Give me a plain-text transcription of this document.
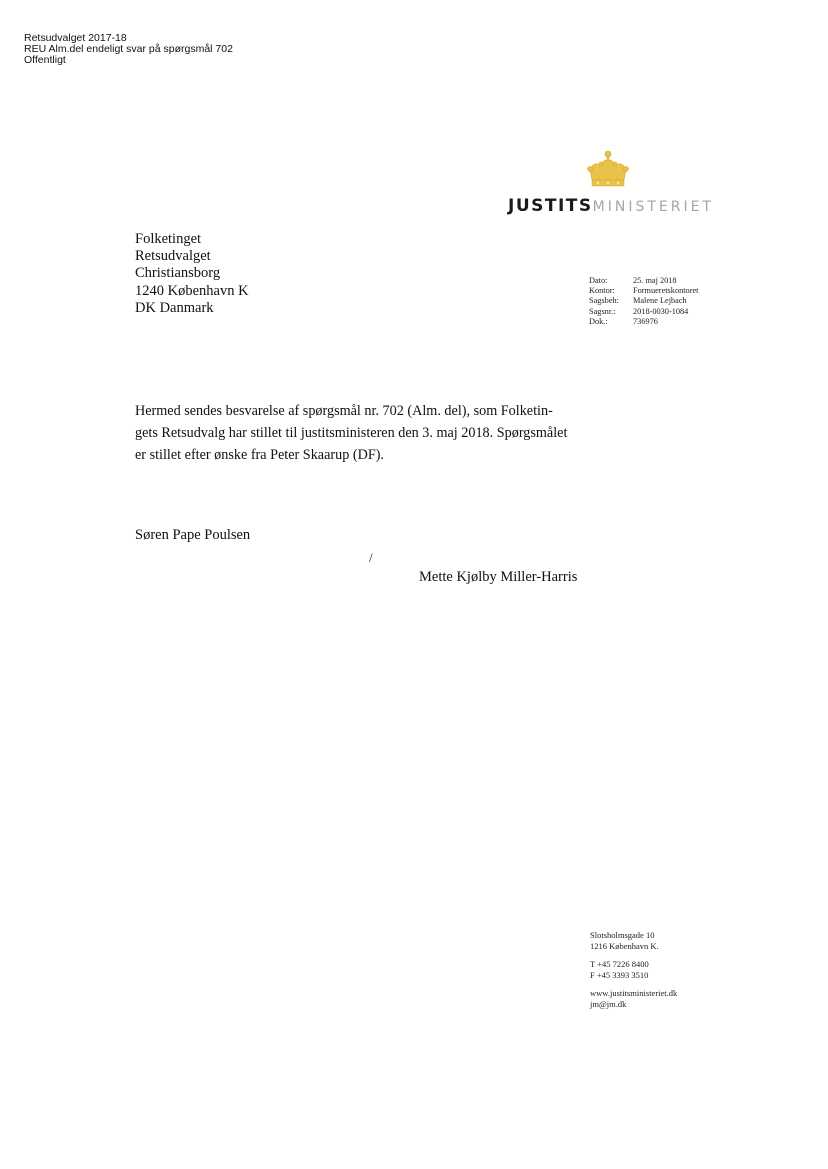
Retsudvalget 2017-18
REU Alm.del endeligt svar på spørgsmål 702
Offentligt
JUSTITSMINISTERIET
Folketinget
Retsudvalget
Christiansborg
1240 København K
DK Danmark
Dato:	25. maj 2018
Kontor:	Formueretskontoret
Sagsbeh:	Malene Lejbach
Sagsnr.:	2018-0030-1084
Dok.:	736976
Hermed sendes besvarelse af spørgsmål nr. 702 (Alm. del), som Folketin-
gets Retsudvalg har stillet til justitsministeren den 3. maj 2018. Spørgsmålet
er stillet efter ønske fra Peter Skaarup (DF).
Søren Pape Poulsen
/
Mette Kjølby Miller-Harris
Slotsholmsgade 10
1216 København K.
T +45 7226 8400
F +45 3393 3510
www.justitsministeriet.dk
jm@jm.dk
